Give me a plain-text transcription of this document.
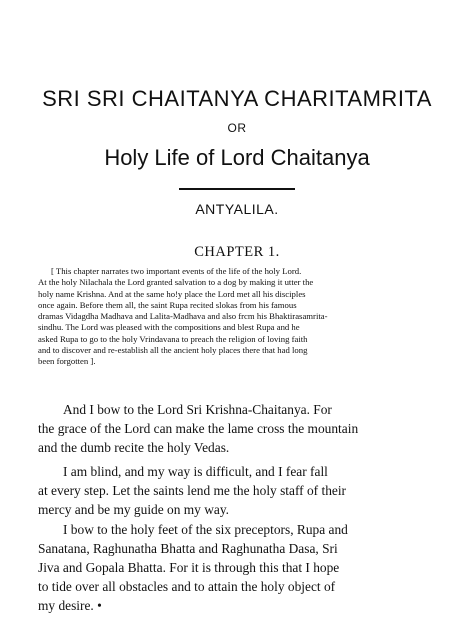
SRI SRI CHAITANYA CHARITAMRITA
OR
Holy Life of Lord Chaitanya
ANTYALILA.
CHAPTER 1.
[ This chapter narrates two important events of the life of the holy Lord.
At the holy Nilachala the Lord granted salvation to a dog by making it utter the
holy name Krishna. And at the same ho!y place the Lord met all his disciples
once again. Before them all, the saint Rupa recited slokas from his famous
dramas Vidagdha Madhava and Lalita-Madhava and also frcm his Bhaktirasamrita-
sindhu. The Lord was pleased with the compositions and blest Rupa and he
asked Rupa to go to the holy Vrindavana to preach the religion of loving faith
and to discover and re-establish all the ancient holy places there that had long
been forgotten ].
And I bow to the Lord Sri Krishna-Chaitanya. For
the grace of the Lord can make the lame cross the mountain
and the dumb recite the holy Vedas.
I am blind, and my way is difficult, and I fear fall
at every step. Let the saints lend me the holy staff of their
mercy and be my guide on my way.
I bow to the holy feet of the six preceptors, Rupa and
Sanatana, Raghunatha Bhatta and Raghunatha Dasa, Sri
Jiva and Gopala Bhatta. For it is through this that I hope
to tide over all obstacles and to attain the holy object of
my desire. •
